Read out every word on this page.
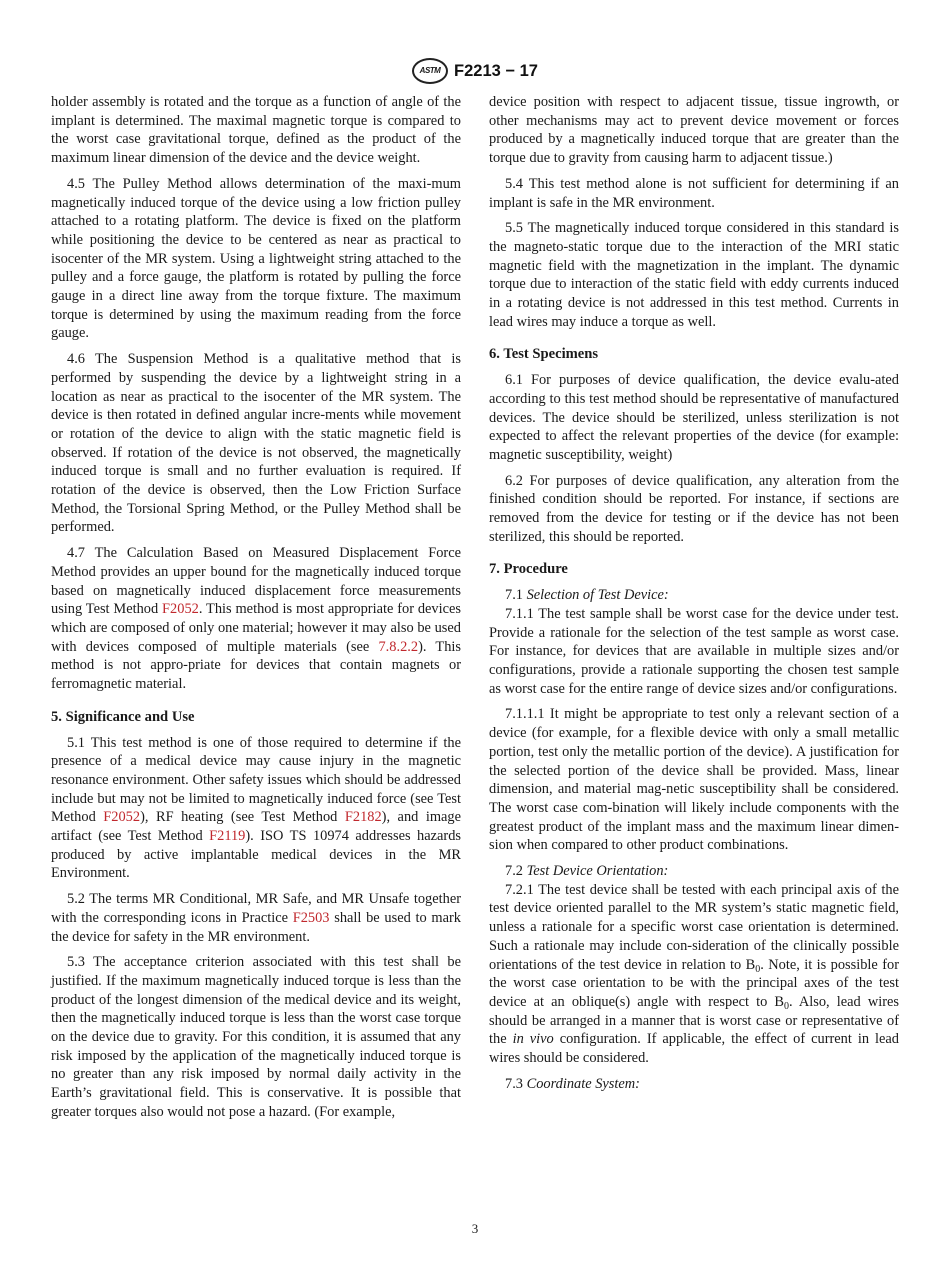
ASTM F2213 − 17

holder assembly is rotated and the torque as a function of angle of the implant is determined. The maximal magnetic torque is compared to the worst case gravitational torque, defined as the product of the maximum linear dimension of the device and the device weight.

4.5 The Pulley Method allows determination of the maxi-mum magnetically induced torque of the device using a low friction pulley attached to a rotating platform. The device is fixed on the platform while positioning the device to be centered as near as practical to isocenter of the MR system. Using a lightweight string attached to the pulley and a force gauge, the platform is rotated by pulling the force gauge in a direct line away from the torque fixture. The maximum torque is determined by using the maximum reading from the force gauge.

4.6 The Suspension Method is a qualitative method that is performed by suspending the device by a lightweight string in a location as near as practical to the isocenter of the MR system. The device is then rotated in defined angular incre-ments while movement or rotation of the device to align with the static magnetic field is observed. If rotation of the device is not observed, the magnetically induced torque is small and no further evaluation is required. If rotation of the device is observed, then the Low Friction Surface Method, the Torsional Spring Method, or the Pulley Method shall be performed.

4.7 The Calculation Based on Measured Displacement Force Method provides an upper bound for the magnetically induced torque based on magnetically induced displacement force measurements using Test Method F2052. This method is most appropriate for devices which are composed of only one material; however it may also be used with devices composed of multiple materials (see 7.8.2.2). This method is not appro-priate for devices that contain magnets or ferromagnetic material.

5. Significance and Use

5.1 This test method is one of those required to determine if the presence of a medical device may cause injury in the magnetic resonance environment. Other safety issues which should be addressed include but may not be limited to magnetically induced force (see Test Method F2052), RF heating (see Test Method F2182), and image artifact (see Test Method F2119). ISO TS 10974 addresses hazards produced by active implantable medical devices in the MR Environment.

5.2 The terms MR Conditional, MR Safe, and MR Unsafe together with the corresponding icons in Practice F2503 shall be used to mark the device for safety in the MR environment.

5.3 The acceptance criterion associated with this test shall be justified. If the maximum magnetically induced torque is less than the product of the longest dimension of the medical device and its weight, then the magnetically induced torque is less than the worst case torque on the device due to gravity. For this condition, it is assumed that any risk imposed by the application of the magnetically induced torque is no greater than any risk imposed by normal daily activity in the Earth’s gravitational field. This is conservative. It is possible that greater torques also would not pose a hazard. (For example,

device position with respect to adjacent tissue, tissue ingrowth, or other mechanisms may act to prevent device movement or forces produced by a magnetically induced torque that are greater than the torque due to gravity from causing harm to adjacent tissue.)

5.4 This test method alone is not sufficient for determining if an implant is safe in the MR environment.

5.5 The magnetically induced torque considered in this standard is the magneto-static torque due to the interaction of the MRI static magnetic field with the magnetization in the implant. The dynamic torque due to interaction of the static field with eddy currents induced in a rotating device is not addressed in this test method. Currents in lead wires may induce a torque as well.

6. Test Specimens

6.1 For purposes of device qualification, the device evalu-ated according to this test method should be representative of manufactured devices. The device should be sterilized, unless sterilization is not expected to affect the relevant properties of the device (for example: magnetic susceptibility, weight)

6.2 For purposes of device qualification, any alteration from the finished condition should be reported. For instance, if sections are removed from the device for testing or if the device has not been sterilized, this should be reported.

7. Procedure

7.1 Selection of Test Device:

7.1.1 The test sample shall be worst case for the device under test. Provide a rationale for the selection of the test sample as worst case. For instance, for devices that are available in multiple sizes and/or configurations, provide a rationale supporting the chosen test sample as worst case for the entire range of device sizes and/or configurations.

7.1.1.1 It might be appropriate to test only a relevant section of a device (for example, for a flexible device with only a small metallic portion, test only the metallic portion of the device). A justification for the selected portion of the device shall be provided. Mass, linear dimension, and material mag-netic susceptibility shall be considered. The worst case com-bination will likely include components with the greatest product of the implant mass and the maximum linear dimen-sion when compared to other product combinations.

7.2 Test Device Orientation:

7.2.1 The test device shall be tested with each principal axis of the test device oriented parallel to the MR system’s static magnetic field, unless a rationale for a specific worst case orientation is determined. Such a rationale may include con-sideration of the clinically possible orientations of the test device in relation to $B_0$. Note, it is possible for the worst case orientation to be with the principal axes of the test device at an oblique(s) angle with respect to $B_0$. Also, lead wires should be arranged in a manner that is worst case or representative of the in vivo configuration. If applicable, the effect of current in lead wires should be considered.

7.3 Coordinate System:

3
